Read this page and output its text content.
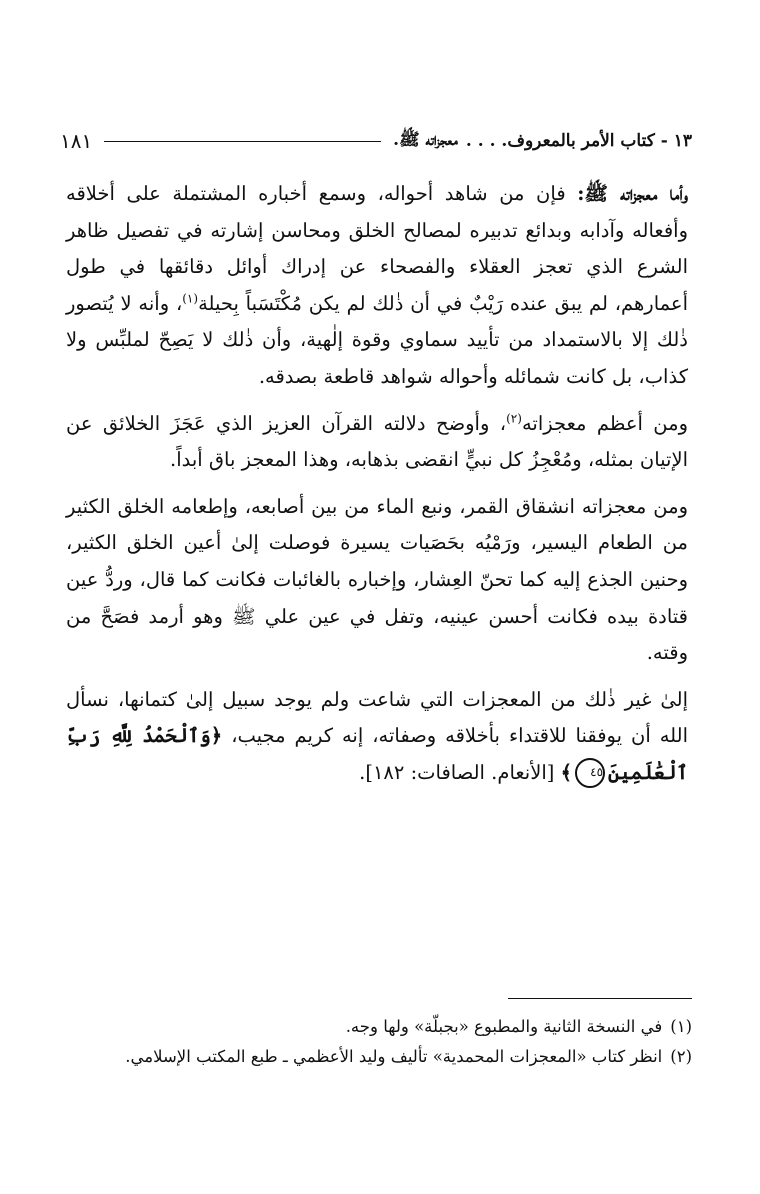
١٣ - كتاب الأمر بالمعروف. . . .
معجزاته ﷺ.
١٨١

وأما معجزاته ﷺ: فإن من شاهد أحواله، وسمع أخباره المشتملة على أخلاقه وأفعاله وآدابه وبدائع تدبيره لمصالح الخلق ومحاسن إشارته في تفصيل ظاهر الشرع الذي تعجز العقلاء والفصحاء عن إدراك أوائل دقائقها في طول أعمارهم، لم يبق عنده رَيْبٌ في أن ذٰلك لم يكن مُكْتَسَباً بِحيلة$^{(١)}$، وأنه لا يُتصور ذٰلك إلا بالاستمداد من تأييد سماوي وقوة إلٰهية، وأن ذٰلك لا يَصِحّ لملبِّس ولا كذاب، بل كانت شمائله وأحواله شواهد قاطعة بصدقه.

ومن أعظم معجزاته$^{(٢)}$، وأوضح دلالته القرآن العزيز الذي عَجَزَ الخلائق عن الإتيان بمثله، ومُعْجِزُ كل نبيٍّ انقضى بذهابه، وهذا المعجز باق أبداً.

ومن معجزاته انشقاق القمر، ونبع الماء من بين أصابعه، وإطعامه الخلق الكثير من الطعام اليسير، ورَمْيُه بحَصَيات يسيرة فوصلت إلىٰ أعين الخلق الكثير، وحنين الجذع إليه كما تحنّ العِشار، وإخباره بالغائبات فكانت كما قال، وردُّ عين قتادة بيده فكانت أحسن عينيه، وتفل في عين علي ﷺ وهو أرمد فصَحَّ من وقته.

إلىٰ غير ذٰلك من المعجزات التي شاعت ولم يوجد سبيل إلىٰ كتمانها، نسأل الله أن يوفقنا للاقتداء بأخلاقه وصفاته، إنه كريم مجيب، ﴿وَٱلْحَمْدُ لِلَّهِ رَبِّ ٱلْعَٰلَمِينَ٤٥﴾ [الأنعام. الصافات: ١٨٢].

(١)في النسخة الثانية والمطبوع «بجبلّة» ولها وجه.

(٢)انظر كتاب «المعجزات المحمدية» تأليف وليد الأعظمي ـ طبع المكتب الإسلامي.
